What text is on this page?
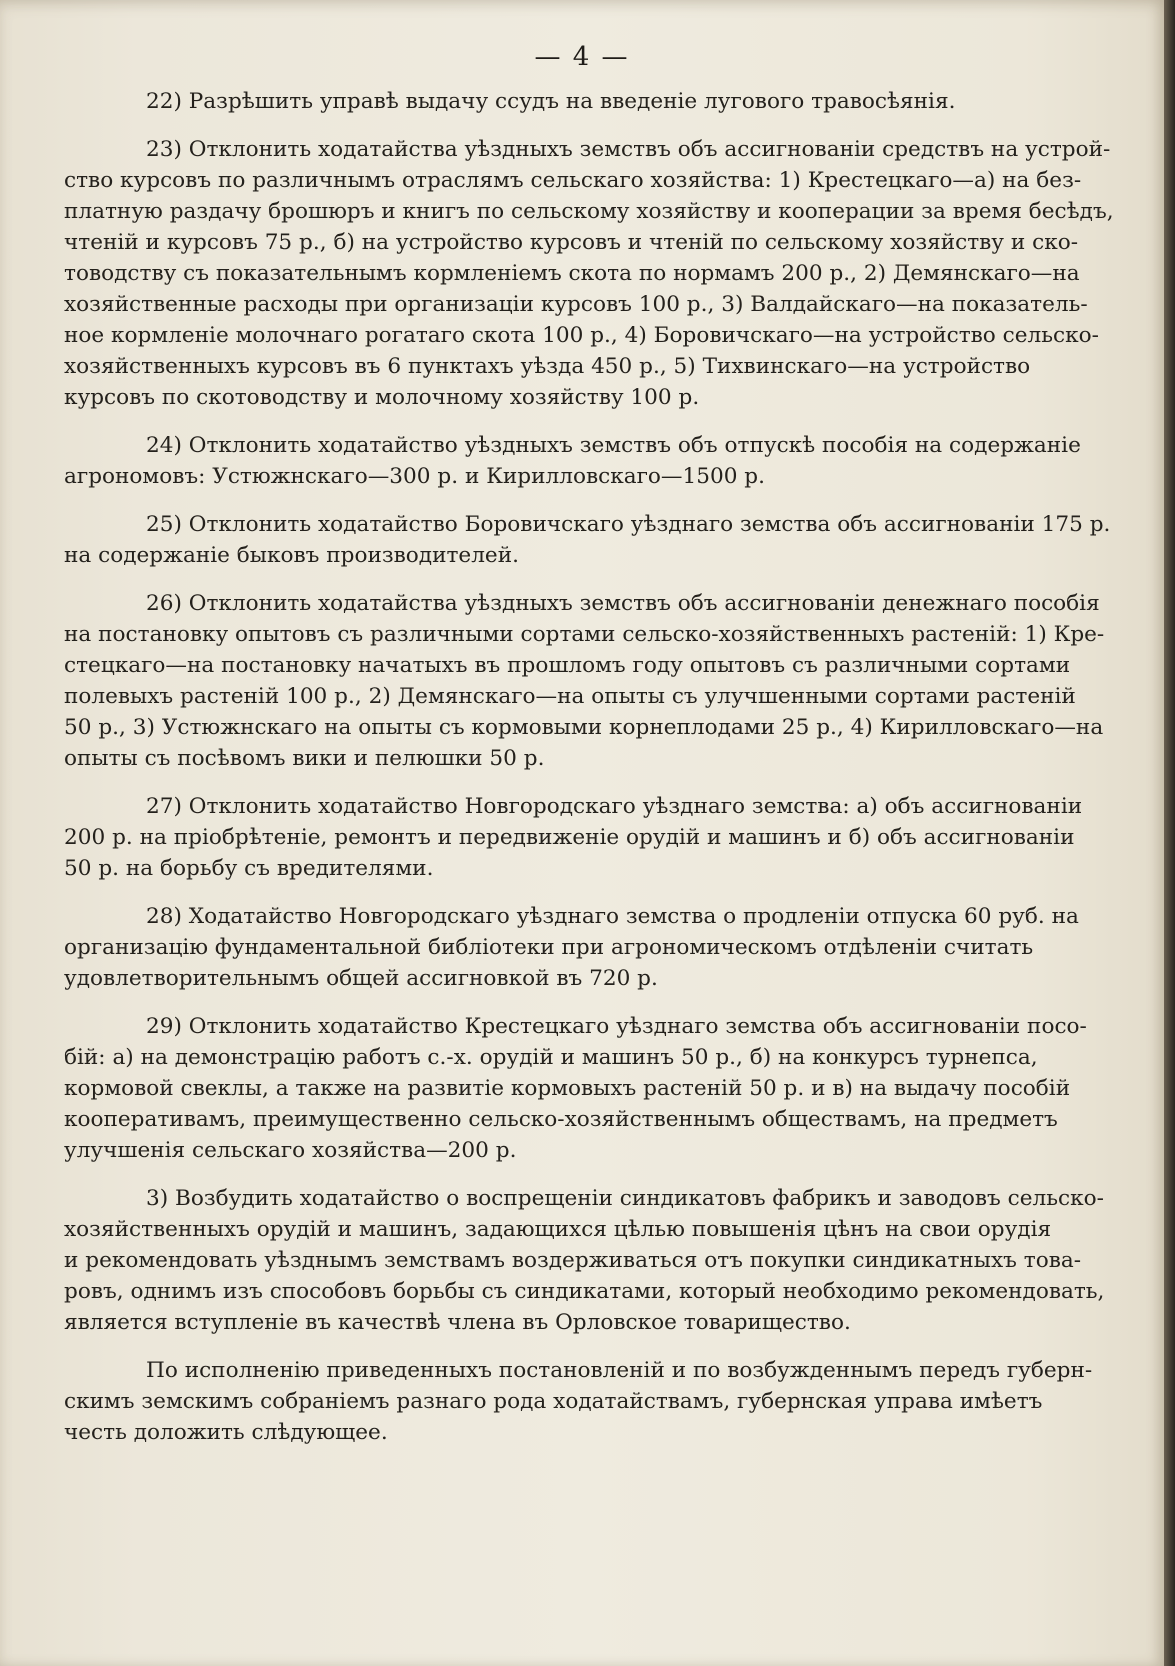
— 4 —
22) Разрѣшить управѣ выдачу ссудъ на введеніе лугового травосѣянія.
23) Отклонить ходатайства уѣздныхъ земствъ объ ассигнованіи средствъ на устрой-
ство курсовъ по различнымъ отраслямъ сельскаго хозяйства: 1) Крестецкаго—а) на без-
платную раздачу брошюръ и книгъ по сельскому хозяйству и кооперации за время бесѣдъ,
чтеній и курсовъ 75 р., б) на устройство курсовъ и чтеній по сельскому хозяйству и ско-
товодству съ показательнымъ кормленіемъ скота по нормамъ 200 р., 2) Демянскаго—на
хозяйственные расходы при организаціи курсовъ 100 р., 3) Валдайскаго—на показатель-
ное кормленіе молочнаго рогатаго скота 100 р., 4) Боровичскаго—на устройство сельско-
хозяйственныхъ курсовъ въ 6 пунктахъ уѣзда 450 р., 5) Тихвинскаго—на устройство
курсовъ по скотоводству и молочному хозяйству 100 р.
24) Отклонить ходатайство уѣздныхъ земствъ объ отпускѣ пособія на содержаніе
агрономовъ: Устюжнскаго—300 р. и Кирилловскаго—1500 р.
25) Отклонить ходатайство Боровичскаго уѣзднаго земства объ ассигнованіи 175 р.
на содержаніе быковъ производителей.
26) Отклонить ходатайства уѣздныхъ земствъ объ ассигнованіи денежнаго пособія
на постановку опытовъ съ различными сортами сельско-хозяйственныхъ растеній: 1) Кре-
стецкаго—на постановку начатыхъ въ прошломъ году опытовъ съ различными сортами
полевыхъ растеній 100 р., 2) Демянскаго—на опыты съ улучшенными сортами растеній
50 р., 3) Устюжнскаго на опыты съ кормовыми корнеплодами 25 р., 4) Кирилловскаго—на
опыты съ посѣвомъ вики и пелюшки 50 р.
27) Отклонить ходатайство Новгородскаго уѣзднаго земства: а) объ ассигнованіи
200 р. на пріобрѣтеніе, ремонтъ и передвиженіе орудій и машинъ и б) объ ассигнованіи
50 р. на борьбу съ вредителями.
28) Ходатайство Новгородскаго уѣзднаго земства о продленіи отпуска 60 руб. на
организацію фундаментальной библіотеки при агрономическомъ отдѣленіи считать
удовлетворительнымъ общей ассигновкой въ 720 р.
29) Отклонить ходатайство Крестецкаго уѣзднаго земства объ ассигнованіи посо-
бій: а) на демонстрацію работъ с.-х. орудій и машинъ 50 р., б) на конкурсъ турнепса,
кормовой свеклы, а также на развитіе кормовыхъ растеній 50 р. и в) на выдачу пособій
кооперативамъ, преимущественно сельско-хозяйственнымъ обществамъ, на предметъ
улучшенія сельскаго хозяйства—200 р.
3) Возбудить ходатайство о воспрещеніи синдикатовъ фабрикъ и заводовъ сельско-
хозяйственныхъ орудій и машинъ, задающихся цѣлью повышенія цѣнъ на свои орудія
и рекомендовать уѣзднымъ земствамъ воздерживаться отъ покупки синдикатныхъ това-
ровъ, однимъ изъ способовъ борьбы съ синдикатами, который необходимо рекомендовать,
является вступленіе въ качествѣ члена въ Орловское товарищество.
По исполненію приведенныхъ постановленій и по возбужденнымъ передъ губерн-
скимъ земскимъ собраніемъ разнаго рода ходатайствамъ, губернская управа имѣетъ
честь доложить слѣдующее.
